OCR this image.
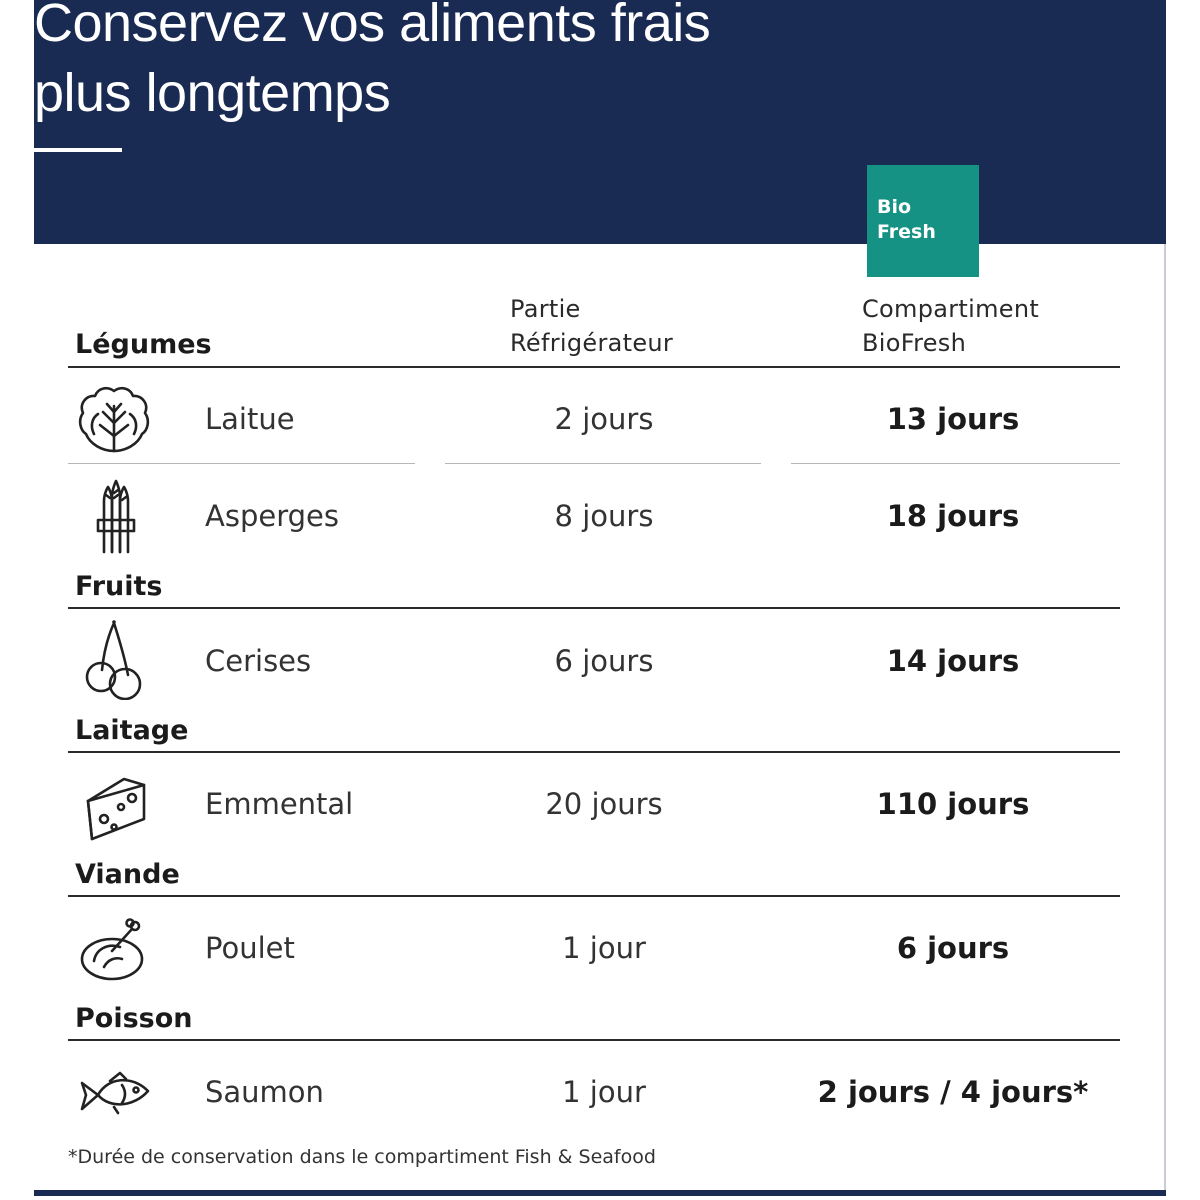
Conservez vos aliments frais
plus longtemps
Bio
Fresh
Partie
Réfrigérateur
Compartiment
BioFresh
Légumes
Laitue	2 jours	13 jours
Asperges	8 jours	18 jours
Fruits
Cerises	6 jours	14 jours
Laitage
Emmental	20 jours	110 jours
Viande
Poulet	1 jour	6 jours
Poisson
Saumon	1 jour	2 jours / 4 jours*
*Durée de conservation dans le compartiment Fish & Seafood
